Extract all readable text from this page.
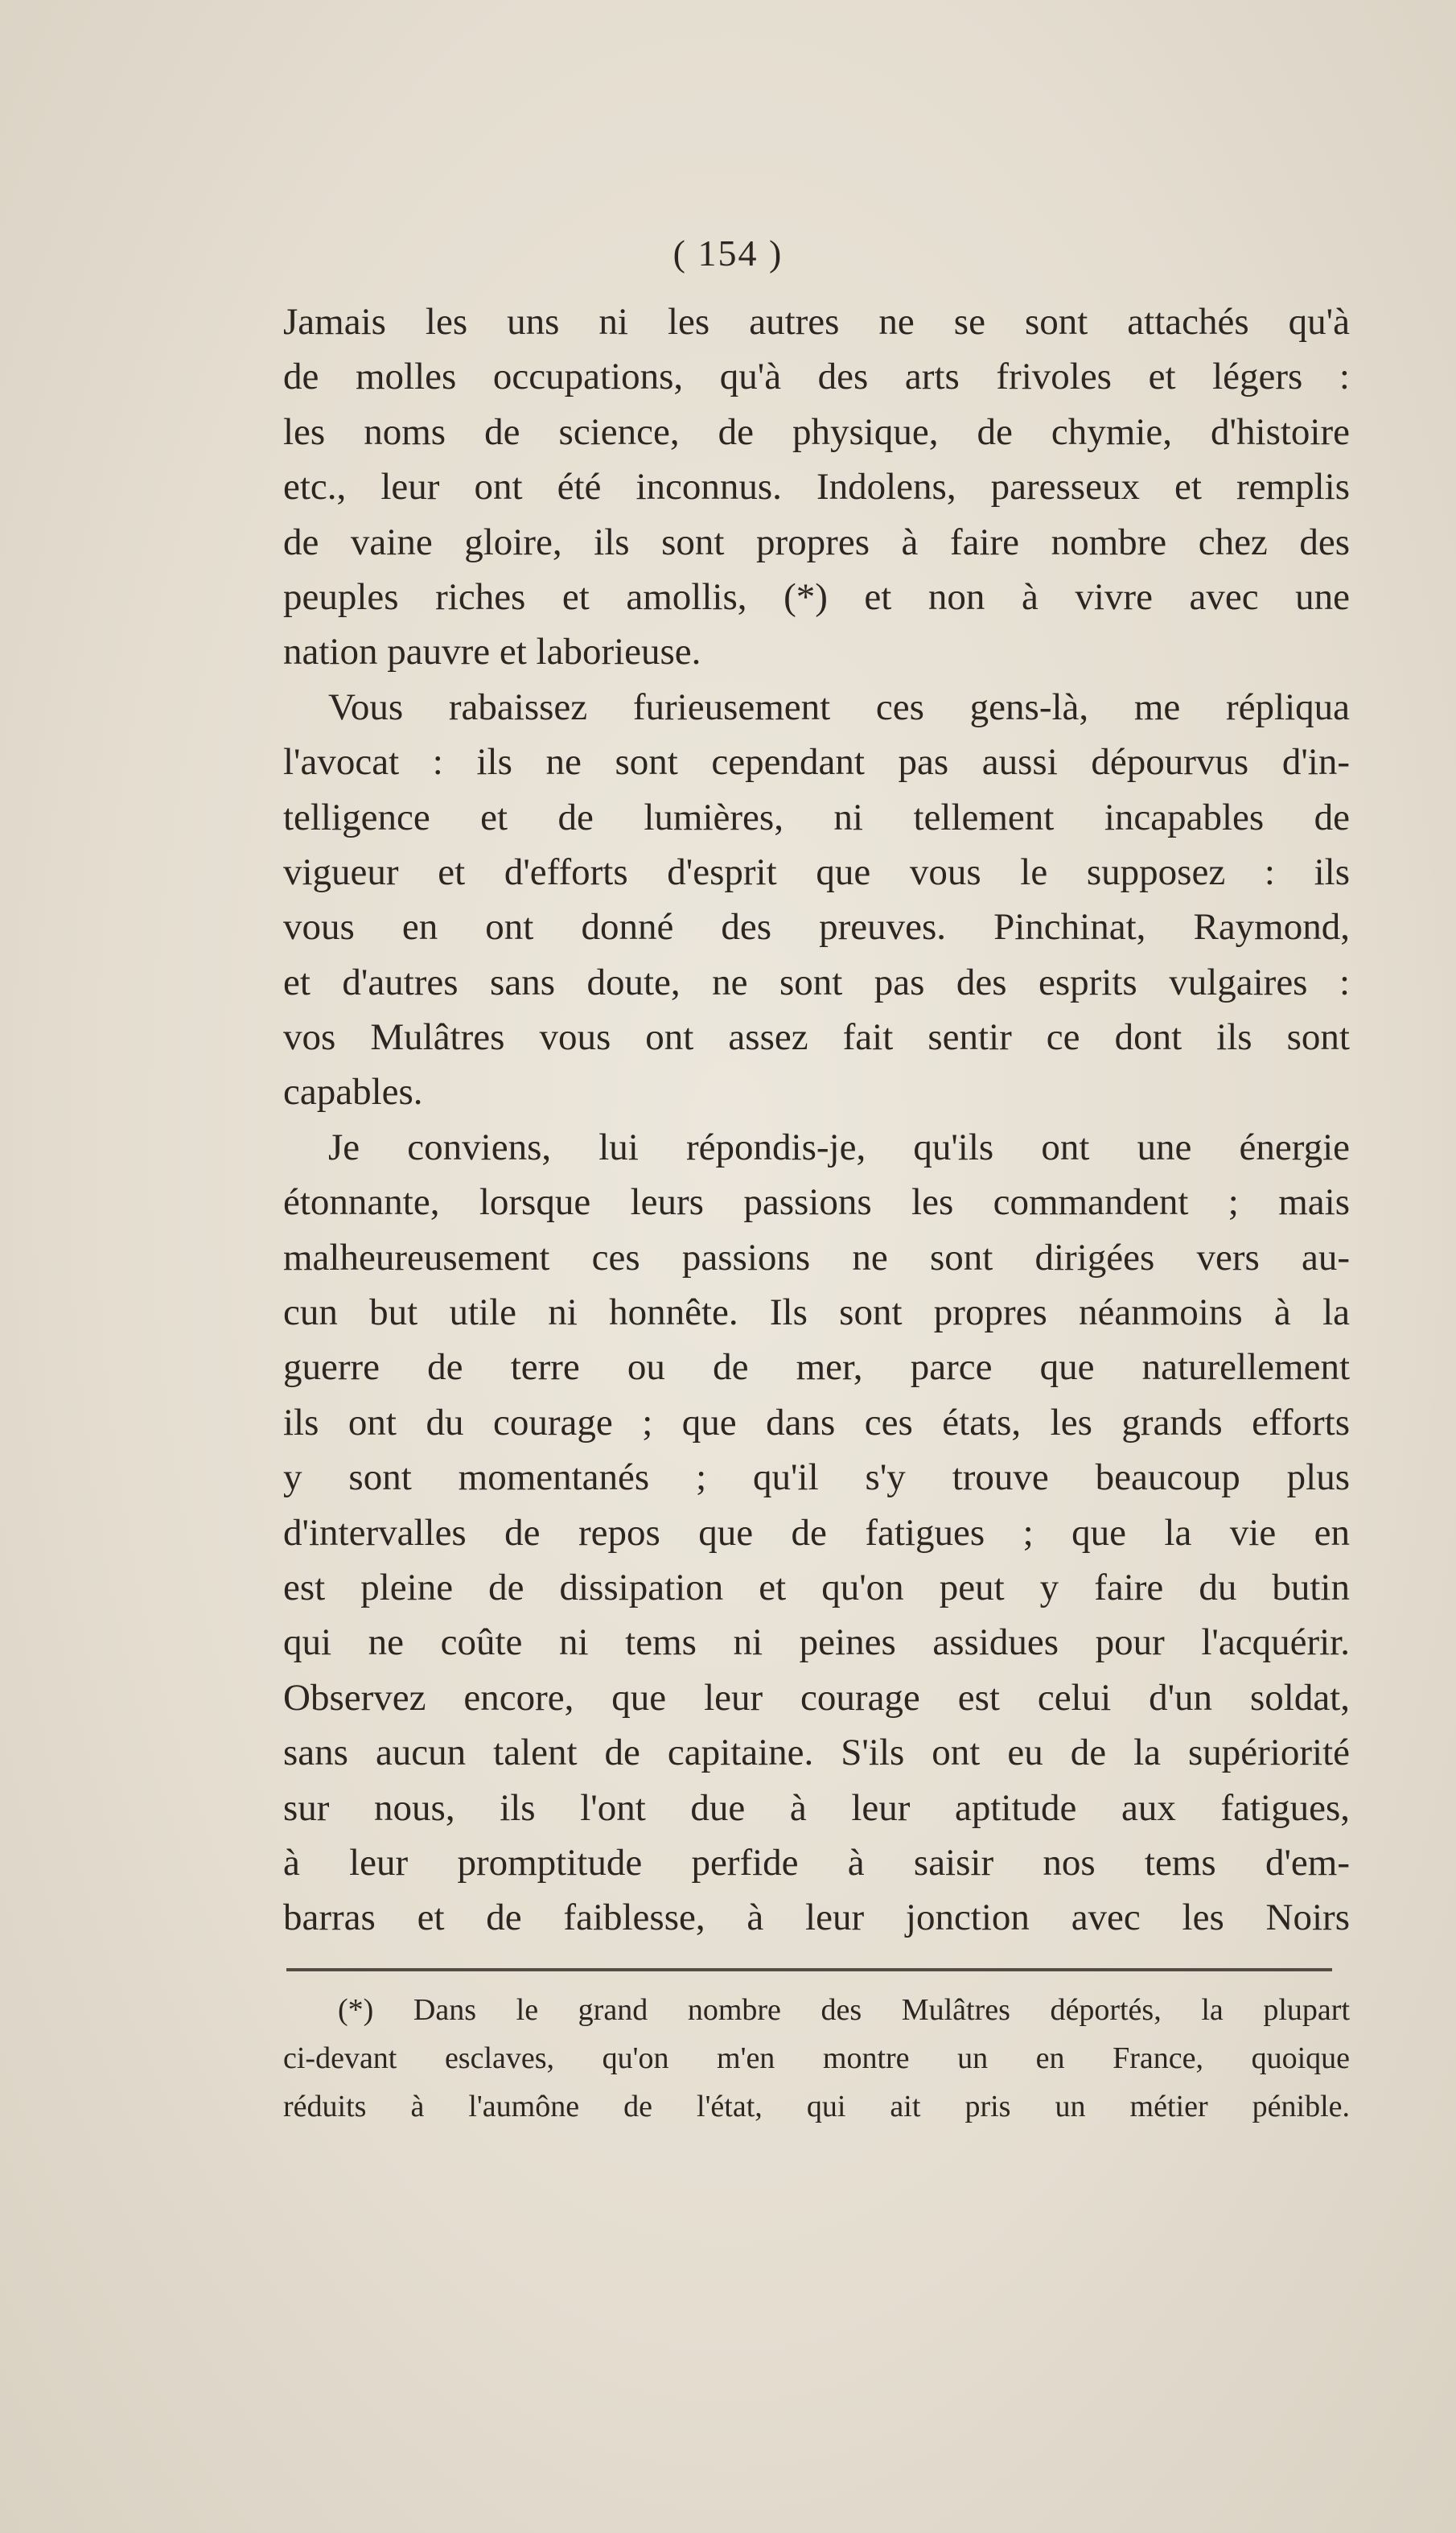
( 154 )
Jamais les uns ni les autres ne se sont attachés qu'à
de molles occupations, qu'à des arts frivoles et légers :
les noms de science, de physique, de chymie, d'histoire
etc., leur ont été inconnus. Indolens, paresseux et remplis
de vaine gloire, ils sont propres à faire nombre chez des
peuples riches et amollis, (*) et non à vivre avec une
nation pauvre et laborieuse.
Vous rabaissez furieusement ces gens-là, me répliqua
l'avocat : ils ne sont cependant pas aussi dépourvus d'in-
telligence et de lumières, ni tellement incapables de
vigueur et d'efforts d'esprit que vous le supposez : ils
vous en ont donné des preuves. Pinchinat, Raymond,
et d'autres sans doute, ne sont pas des esprits vulgaires :
vos Mulâtres vous ont assez fait sentir ce dont ils sont
capables.
Je conviens, lui répondis-je, qu'ils ont une énergie
étonnante, lorsque leurs passions les commandent ; mais
malheureusement ces passions ne sont dirigées vers au-
cun but utile ni honnête. Ils sont propres néanmoins à la
guerre de terre ou de mer, parce que naturellement
ils ont du courage ; que dans ces états, les grands efforts
y sont momentanés ; qu'il s'y trouve beaucoup plus
d'intervalles de repos que de fatigues ; que la vie en
est pleine de dissipation et qu'on peut y faire du butin
qui ne coûte ni tems ni peines assidues pour l'acquérir.
Observez encore, que leur courage est celui d'un soldat,
sans aucun talent de capitaine. S'ils ont eu de la supériorité
sur nous, ils l'ont due à leur aptitude aux fatigues,
à leur promptitude perfide à saisir nos tems d'em-
barras et de faiblesse, à leur jonction avec les Noirs
(*) Dans le grand nombre des Mulâtres déportés, la plupart
ci-devant esclaves, qu'on m'en montre un en France, quoique
réduits à l'aumône de l'état, qui ait pris un métier pénible.
